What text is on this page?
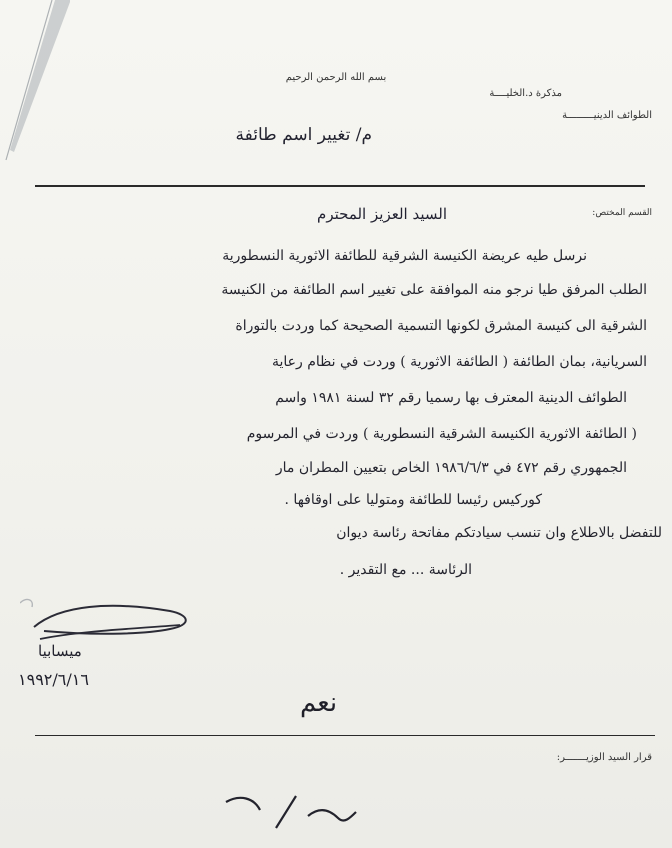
بسم الله الرحمن الرحيم
مذكرة د.الخليــــة
الطوائف الدينيـــــــــة
م/ تغيير اسم طائفة
القسم المختص:
السيد العزيز المحترم
نرسل طيه عريضة الكنيسة الشرقية للطائفة الاثورية النسطورية
الطلب المرفق طيا نرجو منه الموافقة على تغيير اسم الطائفة من الكنيسة
الشرقية الى كنيسة المشرق لكونها التسمية الصحيحة كما وردت بالتوراة
السريانية، بمان الطائفة ( الطائفة الاثورية ) وردت في نظام رعاية
الطوائف الدينية المعترف بها رسميا رقم ٣٢ لسنة ١٩٨١ واسم
( الطائفة الاثورية الكنيسة الشرقية النسطورية ) وردت في المرسوم
الجمهوري رقم ٤٧٢ في ١٩٨٦/٦/٣ الخاص بتعيين المطران مار
كوركيس رئيسا للطائفة ومتوليا على اوقافها .
للتفضل بالاطلاع وان تنسب سيادتكم مفاتحة رئاسة ديوان
الرئاسة ... مع التقدير .
ميسابيا
١٩٩٢/٦/١٦
نعم
قرار السيد الوزيـــــــر:
